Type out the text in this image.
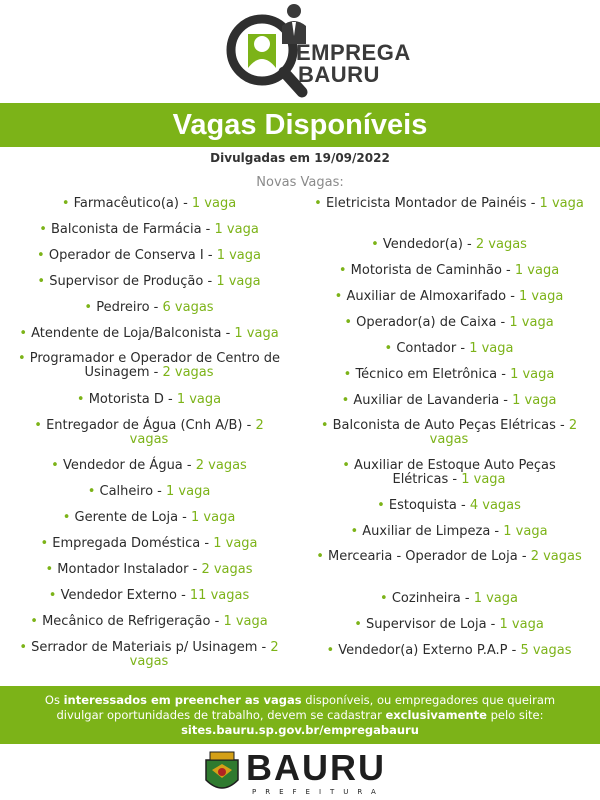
EMPREGA
BAURU
Vagas Disponíveis
Divulgadas em 19/09/2022
Novas Vagas:
• Farmacêutico(a) - 1 vaga
• Balconista de Farmácia - 1 vaga
• Operador de Conserva I - 1 vaga
• Supervisor de Produção - 1 vaga
• Pedreiro - 6 vagas
• Atendente de Loja/Balconista - 1 vaga
• Programador e Operador de Centro de Usinagem - 2 vagas
• Motorista D - 1 vaga
• Entregador de Água (Cnh A/B) - 2 vagas
• Vendedor de Água - 2 vagas
• Calheiro - 1 vaga
• Gerente de Loja - 1 vaga
• Empregada Doméstica - 1 vaga
• Montador Instalador - 2 vagas
• Vendedor Externo - 11 vagas
• Mecânico de Refrigeração - 1 vaga
• Serrador de Materiais p/ Usinagem - 2 vagas
• Eletricista Montador de Painéis - 1 vaga
• Vendedor(a) - 2 vagas
• Motorista de Caminhão - 1 vaga
• Auxiliar de Almoxarifado - 1 vaga
• Operador(a) de Caixa - 1 vaga
• Contador - 1 vaga
• Técnico em Eletrônica - 1 vaga
• Auxiliar de Lavanderia - 1 vaga
• Balconista de Auto Peças Elétricas - 2 vagas
• Auxiliar de Estoque Auto Peças Elétricas - 1 vaga
• Estoquista - 4 vagas
• Auxiliar de Limpeza - 1 vaga
• Mercearia - Operador de Loja - 2 vagas
• Cozinheira - 1 vaga
• Supervisor de Loja - 1 vaga
• Vendedor(a) Externo P.A.P - 5 vagas
Os interessados em preencher as vagas disponíveis, ou empregadores que queiram
divulgar oportunidades de trabalho, devem se cadastrar exclusivamente pelo site:
sites.bauru.sp.gov.br/empregabauru
BAURU
PREFEITURA
